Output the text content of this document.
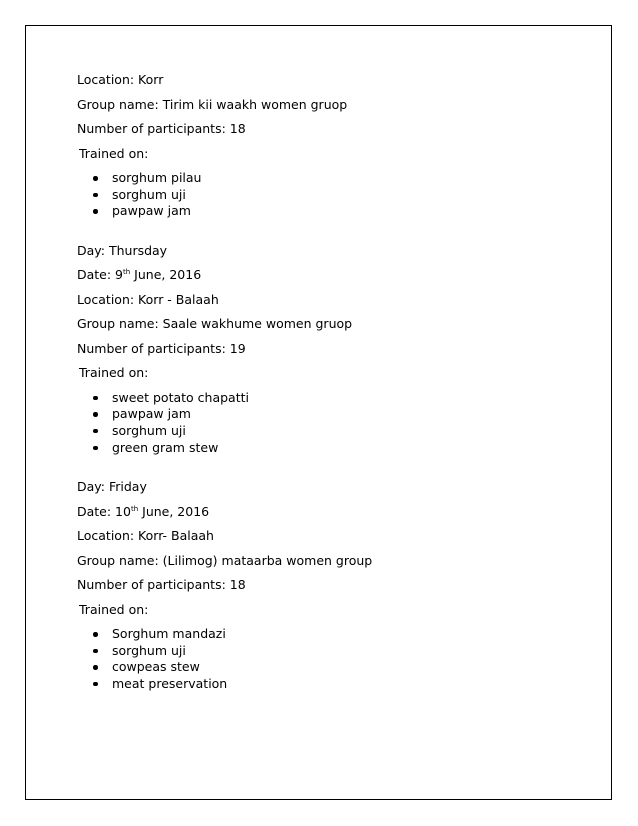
Location: Korr
Group name: Tirim kii waakh women gruop
Number of participants: 18
Trained on:
sorghum pilau
sorghum uji
pawpaw jam
Day: Thursday
Date: 9th June, 2016
Location: Korr - Balaah
Group name: Saale wakhume women gruop
Number of participants: 19
Trained on:
sweet potato chapatti
pawpaw jam
sorghum uji
green gram stew
Day: Friday
Date: 10th June, 2016
Location: Korr- Balaah
Group name: (Lilimog) mataarba women group
Number of participants: 18
Trained on:
Sorghum mandazi
sorghum uji
cowpeas stew
meat preservation
